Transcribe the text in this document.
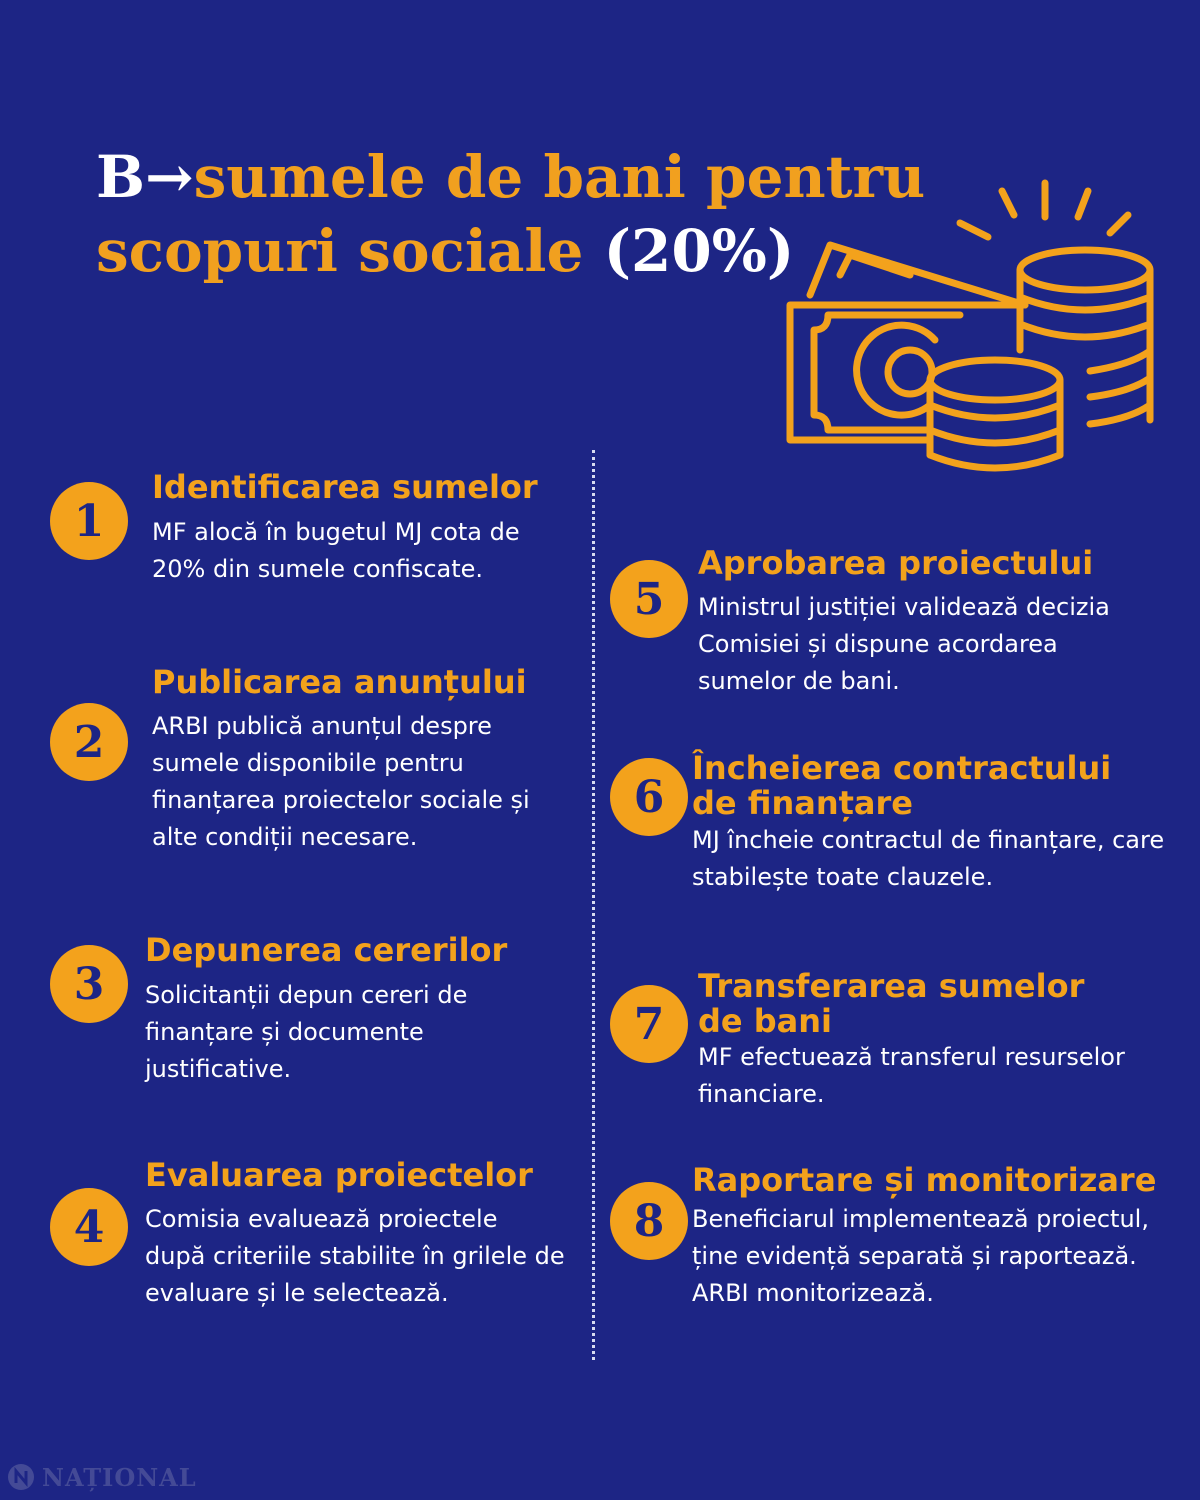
B→sumele de bani pentru scopuri sociale (20%)
1
Identificarea sumelor

MF alocă în bugetul MJ cota de 20% din sumele confiscate.

2
Publicarea anunțului

ARBI publică anunțul despre sumele disponibile pentru finanțarea proiectelor sociale și alte condiții necesare.

3
Depunerea cererilor

Solicitanții depun cereri de finanțare și documente justificative.

4
Evaluarea proiectelor

Comisia evaluează proiectele după criteriile stabilite în grilele de evaluare și le selectează.

5
Aprobarea proiectului

Ministrul justiției validează decizia Comisiei și dispune acordarea sumelor de bani.

6
Încheierea contractului de finanțare

MJ încheie contractul de finanțare, care stabilește toate clauzele.

7
Transferarea sumelor de bani

MF efectuează transferul resurselor financiare.

8
Raportare și monitorizare

Beneficiarul implementează proiectul, ține evidență separată și raportează. ARBI monitorizează.

NAȚIONAL
